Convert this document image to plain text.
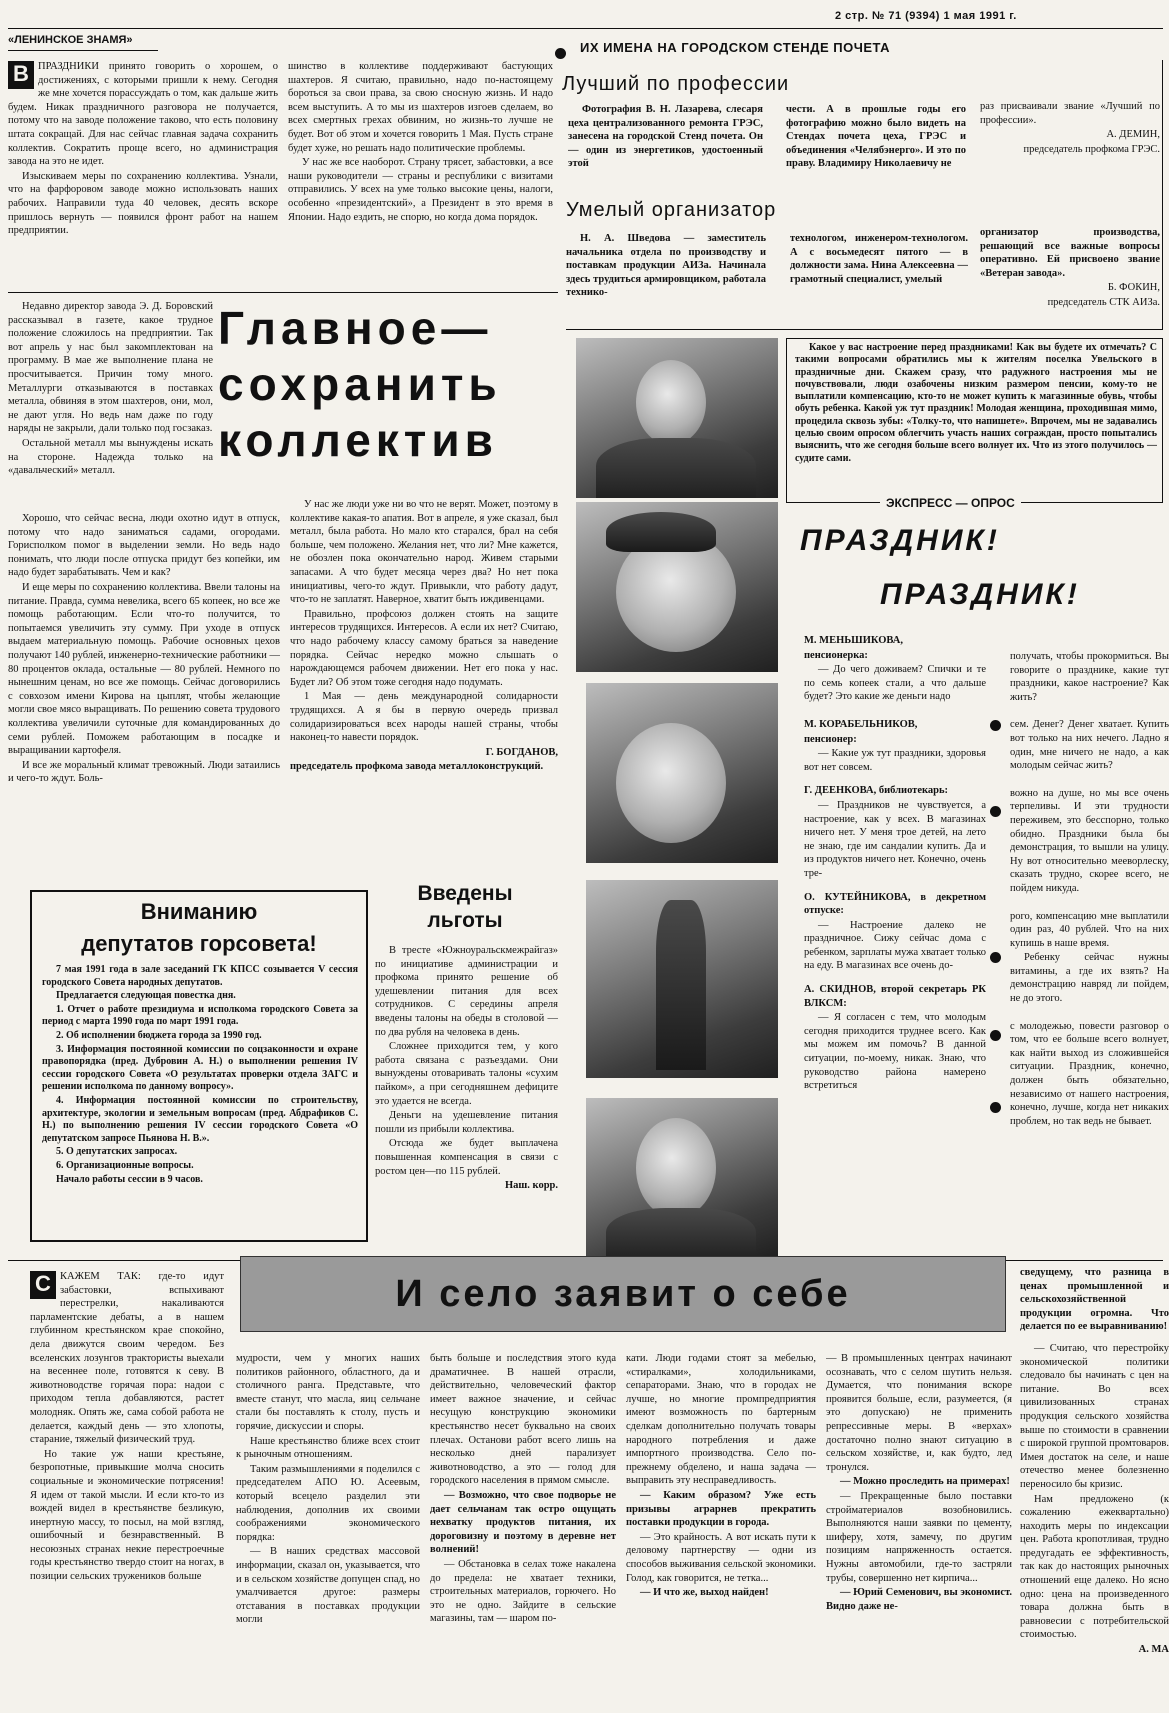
2 стр. № 71 (9394) 1 мая 1991 г.
«ЛЕНИНСКОЕ ЗНАМЯ»

В ПРАЗДНИКИ принято говорить о хорошем, о достижениях, с которыми пришли к нему. Сегодня же мне хочется порассуждать о том, как дальше жить будем. Никак праздничного разговора не получается, потому что на заводе положение таково, что есть половину штата сокращай. Для нас сейчас главная задача сохранить коллектив. Сократить проще всего, но администрация завода на это не идет.

Изыскиваем меры по сохранению коллектива. Узнали, что на фарфоровом заводе можно использовать наших рабочих. Направили туда 40 человек, десять вскоре пришлось вернуть — появился фронт работ на нашем предприятии.

шинство в коллективе поддерживают бастующих шахтеров. Я считаю, правильно, надо по-настоящему бороться за свои права, за свою сносную жизнь. И надо всем выступить. А то мы из шахтеров изгоев сделаем, во всех смертных грехах обвиним, но жизнь-то лучше не будет. Вот об этом и хочется говорить 1 Мая. Пусть стране будет хуже, но решать надо политические проблемы.

У нас же все наоборот. Страну трясет, забастовки, а все наши руководители — страны и республики с визитами отправились. У всех на уме только высокие цены, налоги, особенно «президентский», а Президент в это время в Японии. Надо ездить, не спорю, но когда дома порядок.

Главное—
сохранить
коллектив

Недавно директор завода Э. Д. Боровский рассказывал в газете, какое трудное положение сложилось на предприятии. Так вот апрель у нас был закомплектован на программу. В мае же выполнение плана не просчитывается. Причин тому много. Металлурги отказываются в поставках металла, обвиняя в этом шахтеров, они, мол, не дают угля. Но ведь нам даже по году наряды не закрыли, дали только под госзаказ.

Остальной металл мы вынуждены искать на стороне. Надежда только на «давальческий» металл.

Хорошо, что сейчас весна, люди охотно идут в отпуск, потому что надо заниматься садами, огородами. Горисполком помог в выделении земли. Но ведь надо понимать, что люди после отпуска придут без копейки, им надо будет зарабатывать. Чем и как?

И еще меры по сохранению коллектива. Ввели талоны на питание. Правда, сумма невелика, всего 65 копеек, но все же помощь работающим. Если что-то получится, то попытаемся увеличить эту сумму. При уходе в отпуск выдаем материальную помощь. Рабочие основных цехов получают 140 рублей, инженерно-технические работники — 80 процентов оклада, остальные — 80 рублей. Немного по нынешним ценам, но все же помощь. Сейчас договорились с совхозом имени Кирова на цыплят, чтобы желающие могли свое мясо выращивать. По решению совета трудового коллектива увеличили суточные для командированных до семи рублей. Поможем работающим в посадке и выращивании картофеля.

И все же моральный климат тревожный. Люди затаились и чего-то ждут. Боль-

У нас же люди уже ни во что не верят. Может, поэтому в коллективе какая-то апатия. Вот в апреле, я уже сказал, был металл, была работа. Но мало кто старался, брал на себя больше, чем положено. Желания нет, что ли? Мне кажется, не обозлен пока окончательно народ. Живем старыми запасами. А что будет месяца через два? Но нет пока инициативы, чего-то ждут. Привыкли, что работу дадут, что-то не заплатят. Наверное, хватит быть иждивенцами.

Правильно, профсоюз должен стоять на защите интересов трудящихся. Интересов. А если их нет? Считаю, что надо рабочему классу самому браться за наведение порядка. Сейчас нередко можно слышать о нарождающемся рабочем движении. Нет его пока у нас. Будет ли? Об этом тоже сегодня надо подумать.

1 Мая — день международной солидарности трудящихся. А я бы в первую очередь призвал солидаризироваться всех народы нашей страны, чтобы наконец-то навести порядок.

Г. БОГДАНОВ,

председатель профкома завода металлоконструкций.

Вниманию
депутатов горсовета!

7 мая 1991 года в зале заседаний ГК КПСС созывается V сессия городского Совета народных депутатов.

Предлагается следующая повестка дня.

1. Отчет о работе президиума и исполкома городского Совета за период с марта 1990 года по март 1991 года.

2. Об исполнении бюджета города за 1990 год.

3. Информация постоянной комиссии по соцзаконности и охране правопорядка (пред. Дубровин А. Н.) о выполнении решения IV сессии городского Совета «О результатах проверки отдела ЗАГС и решении исполкома по данному вопросу».

4. Информация постоянной комиссии по строительству, архитектуре, экологии и земельным вопросам (пред. Абдрафиков С. Н.) по выполнению решения IV сессии городского Совета «О депутатском запросе Пьянова Н. В.».

5. О депутатских запросах.

6. Организационные вопросы.

Начало работы сессии в 9 часов.

Введены
льготы

В тресте «Южноуральскмежрайгаз» по инициативе администрации и профкома принято решение об удешевлении питания для всех сотрудников. С середины апреля введены талоны на обеды в столовой — по два рубля на человека в день.

Сложнее приходится тем, у кого работа связана с разъездами. Они вынуждены отоваривать талоны «сухим пайком», а при сегодняшнем дефиците это удается не всегда.

Деньги на удешевление питания пошли из прибыли коллектива.

Отсюда же будет выплачена повышенная компенсация в связи с ростом цен—по 115 рублей.

Наш. корр.

ИХ ИМЕНА НА ГОРОДСКОМ СТЕНДЕ ПОЧЕТА
Лучший по профессии

Фотография В. Н. Лазарева, слесаря цеха централизованного ремонта ГРЭС, занесена на городской Стенд почета. Он — один из энергетиков, удостоенный этой

чести. А в прошлые годы его фотографию можно было видеть на Стендах почета цеха, ГРЭС и объединения «Челябэнерго». И это по праву. Владимиру Николаевичу не

раз присваивали звание «Лучший по профессии».

А. ДЕМИН,

председатель профкома ГРЭС.

Умелый организатор

Н. А. Шведова — заместитель начальника отдела по производству и поставкам продукции АИЗа. Начинала здесь трудиться армировщиком, работала технико-

технологом, инженером-технологом. А с восьмедесят пятого — в должности зама. Нина Алексеевна — грамотный специалист, умелый

организатор производства, решающий все важные вопросы оперативно. Ей присвоено звание «Ветеран завода».

Б. ФОКИН,

председатель СТК АИЗа.

Какое у вас настроение перед праздниками! Как вы будете их отмечать? С такими вопросами обратились мы к жителям поселка Увельского в праздничные дни. Скажем сразу, что радужного настроения мы не почувствовали, люди озабочены низким размером пенсии, кому-то не выплатили компенсацию, кто-то не может купить к магазинные обувь, чтобы обуть ребенка. Какой уж тут праздник! Молодая женщина, проходившая мимо, процедила сквозь зубы: «Толку-то, что напишете». Впрочем, мы не задавались целью своим опросом облегчить участь наших сограждан, просто попытались выяснить, что же сегодня больше всего волнует их. Что из этого получилось — судите сами.

ЭКСПРЕСС — ОПРОС
ПРАЗДНИК!
ПРАЗДНИК!

М. МЕНЬШИКОВА,

пенсионерка:

— До чего доживаем? Спички и те по семь копеек стали, а что дальше будет? Это какие же деньги надо

М. КОРАБЕЛЬНИКОВ,

пенсионер:

— Какие уж тут праздники, здоровья вот нет совсем.

Г. ДЕЕНКОВА, библиотекарь:

— Праздников не чувствуется, а настроение, как у всех. В магазинах ничего нет. У меня трое детей, на лето не знаю, где им сандалии купить. Да и из продуктов ничего нет. Конечно, очень тре-

О. КУТЕЙНИКОВА, в декретном отпуске:

— Настроение далеко не праздничное. Сижу сейчас дома с ребенком, зарплаты мужа хватает только на еду. В магазинах все очень до-

А. СКИДНОВ, второй секретарь РК ВЛКСМ:

— Я согласен с тем, что молодым сегодня приходится труднее всего. Как мы можем им помочь? В данной ситуации, по-моему, никак. Знаю, что руководство района намерено встретиться

получать, чтобы прокормиться. Вы говорите о празднике, какие тут праздники, какое настроение? Как жить?

сем. Денег? Денег хватает. Купить вот только на них нечего. Ладно я один, мне ничего не надо, а как молодым сейчас жить?

вожно на душе, но мы все очень терпеливы. И эти трудности переживем, это бесспорно, только обидно. Праздники была бы демонстрация, то вышли на улицу. Ну вот относительно мееворлеску, сказать трудно, скорее всего, не пойдем никуда.

рого, компенсацию мне выплатили один раз, 40 рублей. Что на них купишь в наше время.

Ребенку сейчас нужны витамины, а где их взять? На демонстрацию навряд ли пойдем, не до этого.

с молодежью, повести разговор о том, что ее больше всего волнует, как найти выход из сложившейся ситуации. Праздник, конечно, должен быть обязательно, независимо от нашего настроения, конечно, лучше, когда нет никаких проблем, но так ведь не бывает.

И село заявит о себе

С КАЖЕМ ТАК: где-то идут забастовки, вспыхивают перестрелки, накаливаются парламентские дебаты, а в нашем глубинном крестьянском крае спокойно, дела движутся своим чередом. Без вселенских лозунгов трактористы выехали на весеннее поле, готовятся к севу. В животноводстве горячая пора: надои с приходом тепла добавляются, растет молодняк. Опять же, сама собой работа не делается, каждый день — это хлопоты, старание, тяжелый физический труд.

Но такие уж наши крестьяне, безропотные, привыкшие молча сносить социальные и экономические потрясения! Я идем от такой мысли. И если кто-то из вождей видел в крестьянстве безликую, инертную массу, то посыл, на мой взгляд, ошибочный и безнравственный. В несоюзных странах некие перестроечные годы крестьянство твердо стоит на ногах, в позиции сельских тружеников больше

мудрости, чем у многих наших политиков районного, областного, да и столичного ранга. Представьте, что вместе станут, что масла, яиц сельчане стали бы поставлять к столу, пусть и горячие, дискуссии и споры.

Наше крестьянство ближе всех стоит к рыночным отношениям.

Таким размышлениями я поделился с председателем АПО Ю. Асеевым, который всецело разделил эти наблюдения, дополнив их своими соображениями экономического порядка:

— В наших средствах массовой информации, сказал он, указывается, что и в сельском хозяйстве допущен спад, но умалчивается другое: размеры отставания в поставках продукции могли

быть больше и последствия этого куда драматичнее. В нашей отрасли, действительно, человеческий фактор имеет важное значение, и сейчас несущую конструкцию экономики крестьянство несет буквально на своих плечах. Останови работ всего лишь на несколько дней парализует животноводство, а это — голод для городского населения в прямом смысле.

— Возможно, что свое подворье не дает сельчанам так остро ощущать нехватку продуктов питания, их дороговизну и поэтому в деревне нет волнений!

— Обстановка в селах тоже накалена до предела: не хватает техники, строительных материалов, горючего. Но это не одно. Зайдите в сельские магазины, там — шаром по-

кати. Люди годами стоят за мебелью, «стиралками», холодильниками, сепараторами. Знаю, что в городах не лучше, но многие промпредприятия имеют возможность по бартерным сделкам дополнительно получать товары народного потребления и даже импортного производства. Село по-прежнему обделено, и наша задача — выправить эту несправедливость.

— Каким образом? Уже есть призывы аграрнев прекратить поставки продукции в города.

— Это крайность. А вот искать пути к деловому партнерству — одни из способов выживания сельской экономики. Голод, как говорится, не тетка...

— И что же, выход найден!

— В промышленных центрах начинают осознавать, что с селом шутить нельзя. Думается, что понимания вскоре проявится больше, если, разумеется, (я это допускаю) не применить репрессивные меры. В «верхах» достаточно полно знают ситуацию в сельском хозяйстве, и, как будто, лед тронулся.

— Можно проследить на примерах!

— Прекращенные было поставки стройматериалов возобновились. Выполняются наши заявки по цементу, шиферу, хотя, замечу, по другим позициям напряженность остается. Нужны автомобили, где-то застряли трубы, совершенно нет кирпича...

— Юрий Семенович, вы экономист. Видно даже не-

сведущему, что разница в ценах промышленной и сельскохозяйственной продукции огромна. Что делается по ее выравниванию!

— Считаю, что перестройку экономической политики следовало бы начинать с цен на питание. Во всех цивилизованных странах продукция сельского хозяйства выше по стоимости в сравнении с широкой группой промтоваров. Имея достаток на селе, и наше отечество менее болезненно переносило бы кризис.

Нам предложено (к сожалению ежеквартально) находить меры по индексации цен. Работа кропотливая, трудно предугадать ее эффективность, так как до настоящих рыночных отношений еще далеко. Но ясно одно: цена на произведенного товара должна быть в равновесии с потребительской стоимостью.

А. МА
